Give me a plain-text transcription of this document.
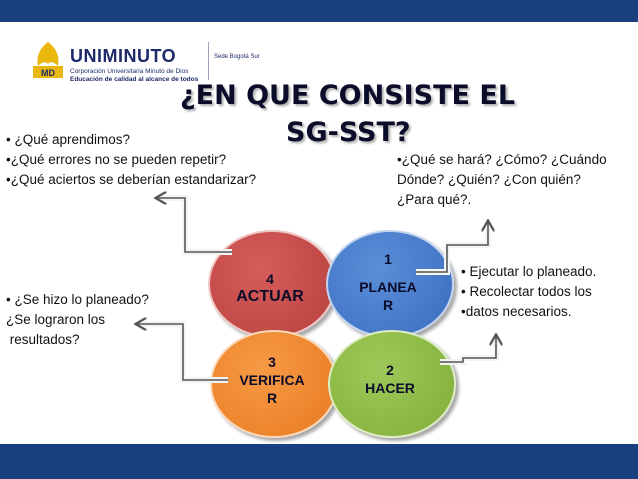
MD
UNIMINUTO
Corporación Universitaria Minuto de Dios
Educación de calidad al alcance de todos
Sede Bogotá Sur
¿EN QUE CONSISTE EL
SG-SST?
4
ACTUAR
1
PLANEA
R
3
VERIFICA
R
2
HACER
• ¿Qué aprendimos?
•¿Qué errores no se pueden repetir?
•¿Qué aciertos se deberían estandarizar?
•¿Qué se hará? ¿Cómo? ¿Cuándo
Dónde? ¿Quién? ¿Con quién?
¿Para qué?.
• ¿Se hizo lo planeado?
¿Se lograron los
resultados?
• Ejecutar lo planeado.
• Recolectar todos los
•datos necesarios.
